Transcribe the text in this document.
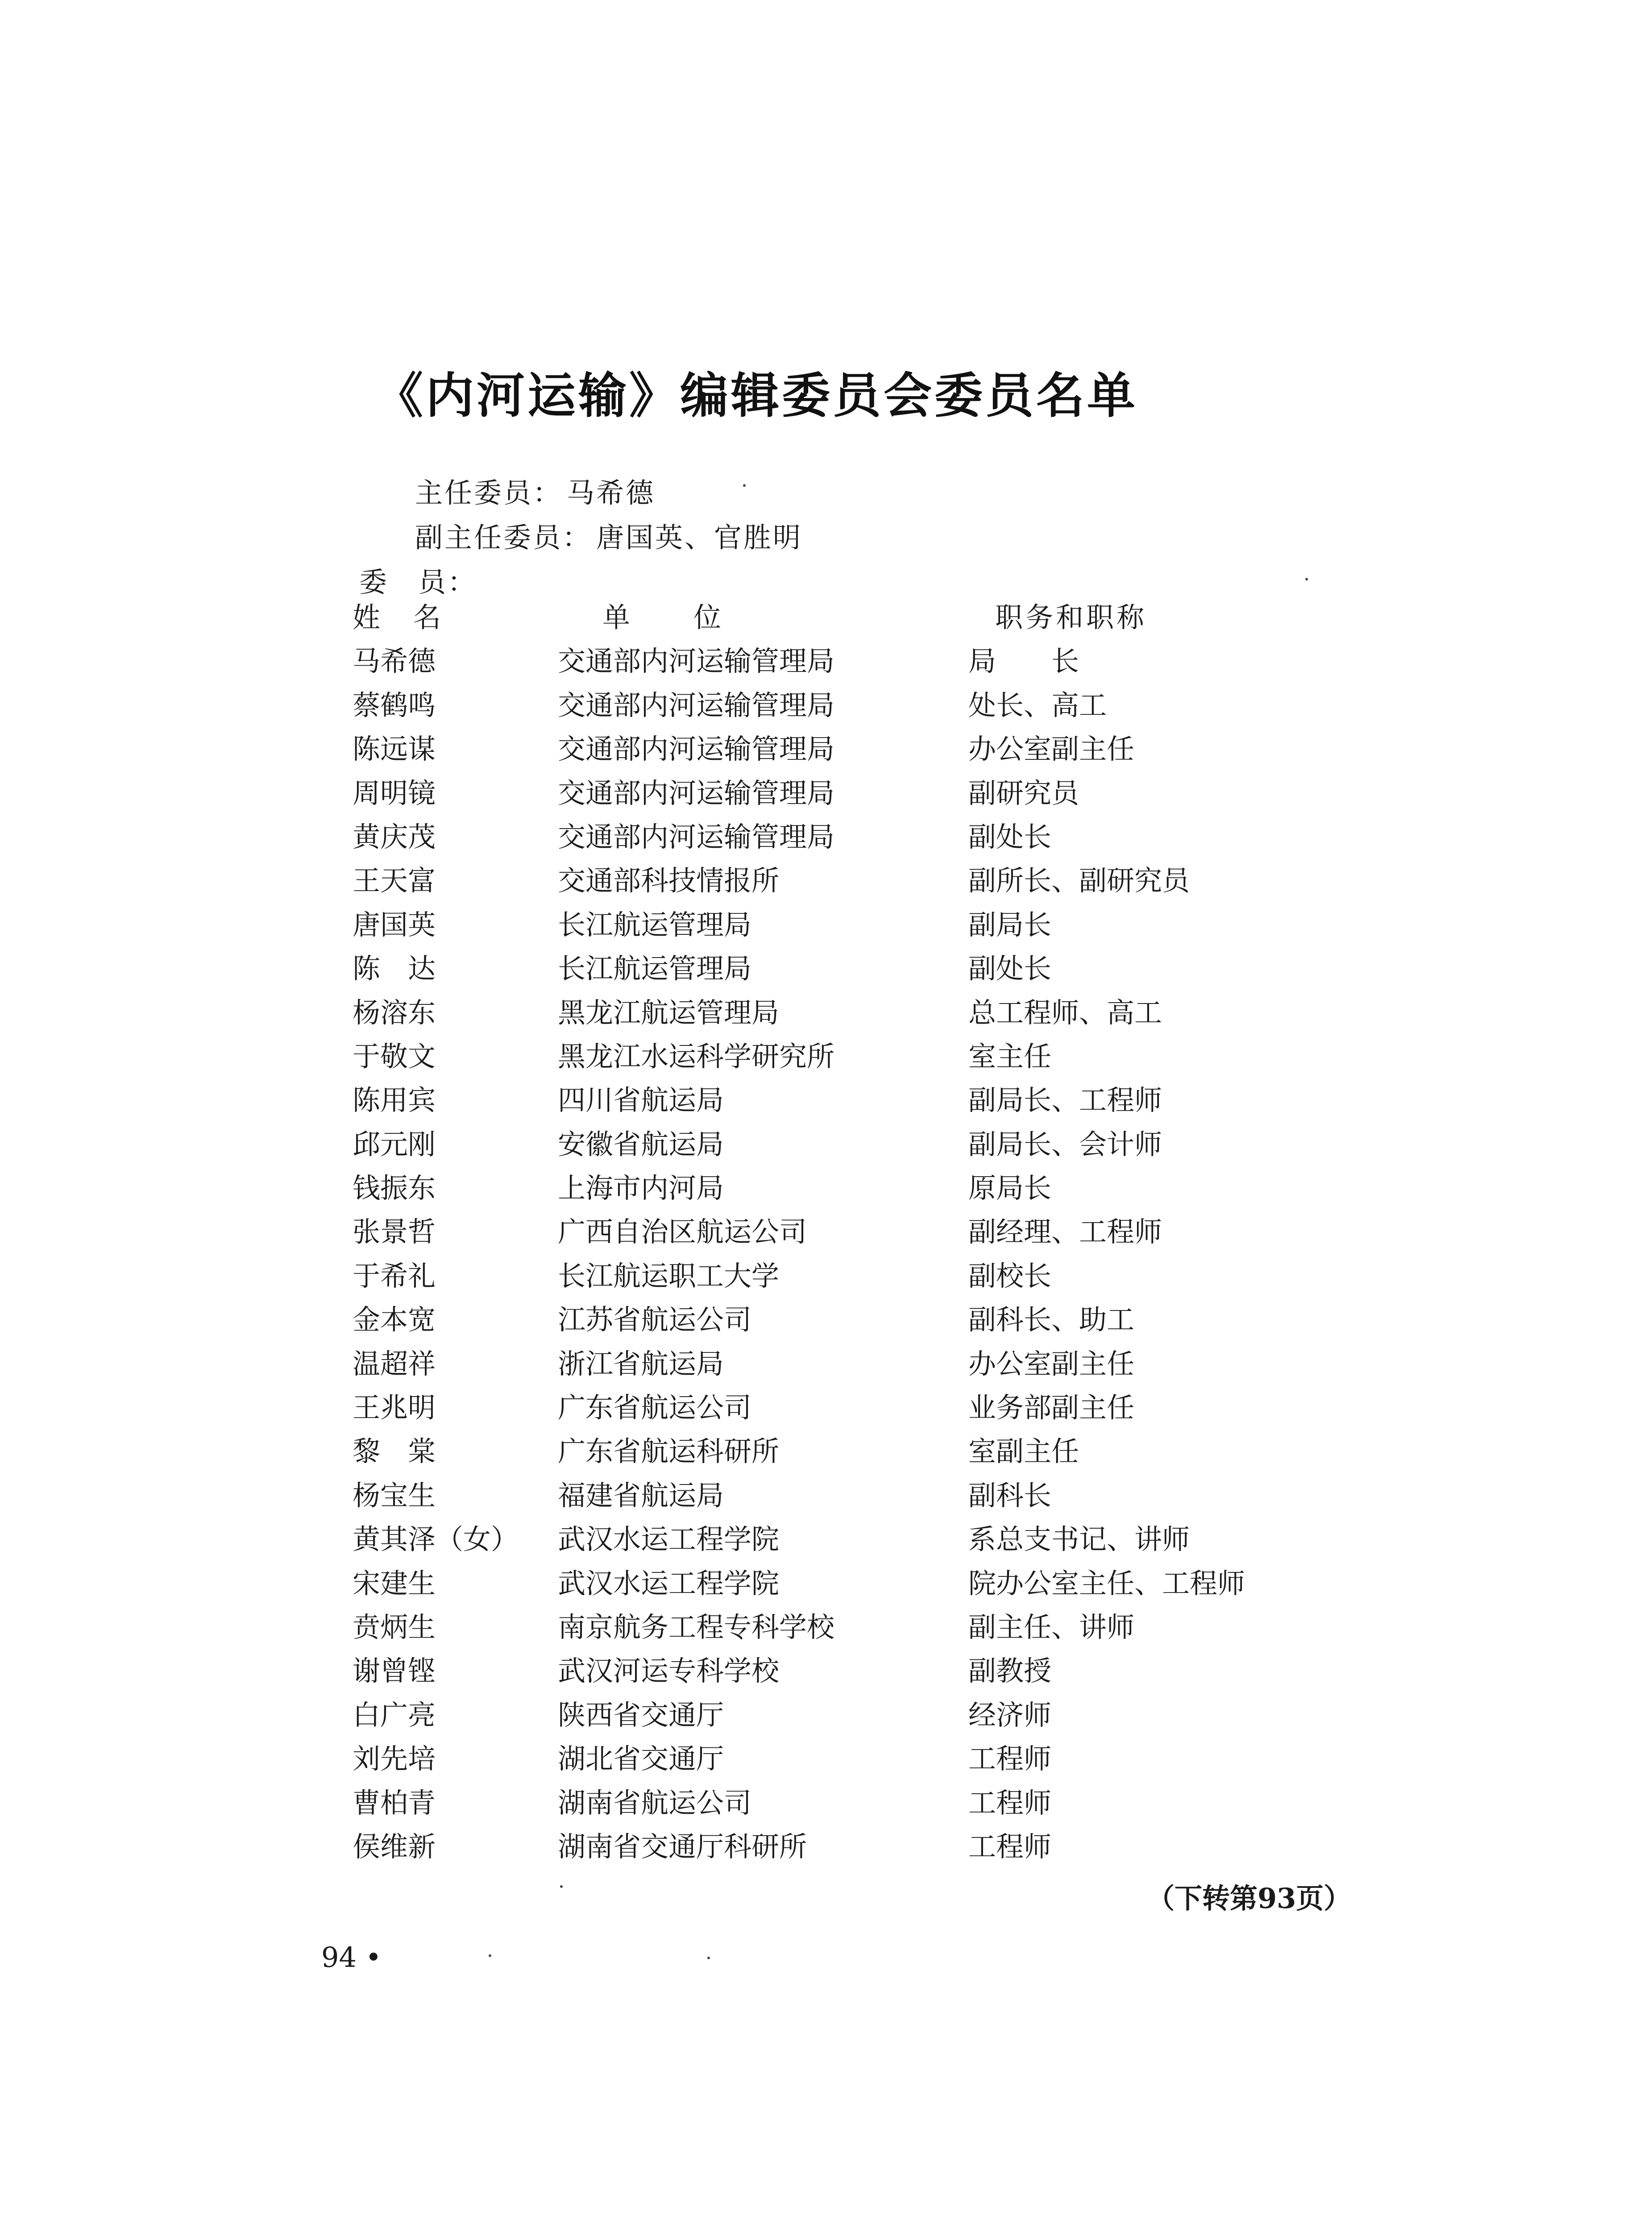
《内河运输》编辑委员会委员名单
主任委员： 马希德
副主任委员： 唐国英、官胜明
委　员：
姓　名	单　　位	职务和职称
马希德	交通部内河运输管理局	局　　长
蔡鹤鸣	交通部内河运输管理局	处长、高工
陈远谋	交通部内河运输管理局	办公室副主任
周明镜	交通部内河运输管理局	副研究员
黄庆茂	交通部内河运输管理局	副处长
王天富	交通部科技情报所	副所长、副研究员
唐国英	长江航运管理局	副局长
陈　达	长江航运管理局	副处长
杨溶东	黑龙江航运管理局	总工程师、高工
于敬文	黑龙江水运科学研究所	室主任
陈用宾	四川省航运局	副局长、工程师
邱元刚	安徽省航运局	副局长、会计师
钱振东	上海市内河局	原局长
张景哲	广西自治区航运公司	副经理、工程师
于希礼	长江航运职工大学	副校长
金本宽	江苏省航运公司	副科长、助工
温超祥	浙江省航运局	办公室副主任
王兆明	广东省航运公司	业务部副主任
黎　棠	广东省航运科研所	室副主任
杨宝生	福建省航运局	副科长
黄其泽（女） 武汉水运工程学院	系总支书记、讲师
宋建生	武汉水运工程学院	院办公室主任、工程师
贲炳生	南京航务工程专科学校	副主任、讲师
谢曾铿	武汉河运专科学校	副教授
白广亮	陕西省交通厅	经济师
刘先培	湖北省交通厅	工程师
曹柏青	湖南省航运公司	工程师
侯维新	湖南省交通厅科研所	工程师
（下转第93页）
94 •
